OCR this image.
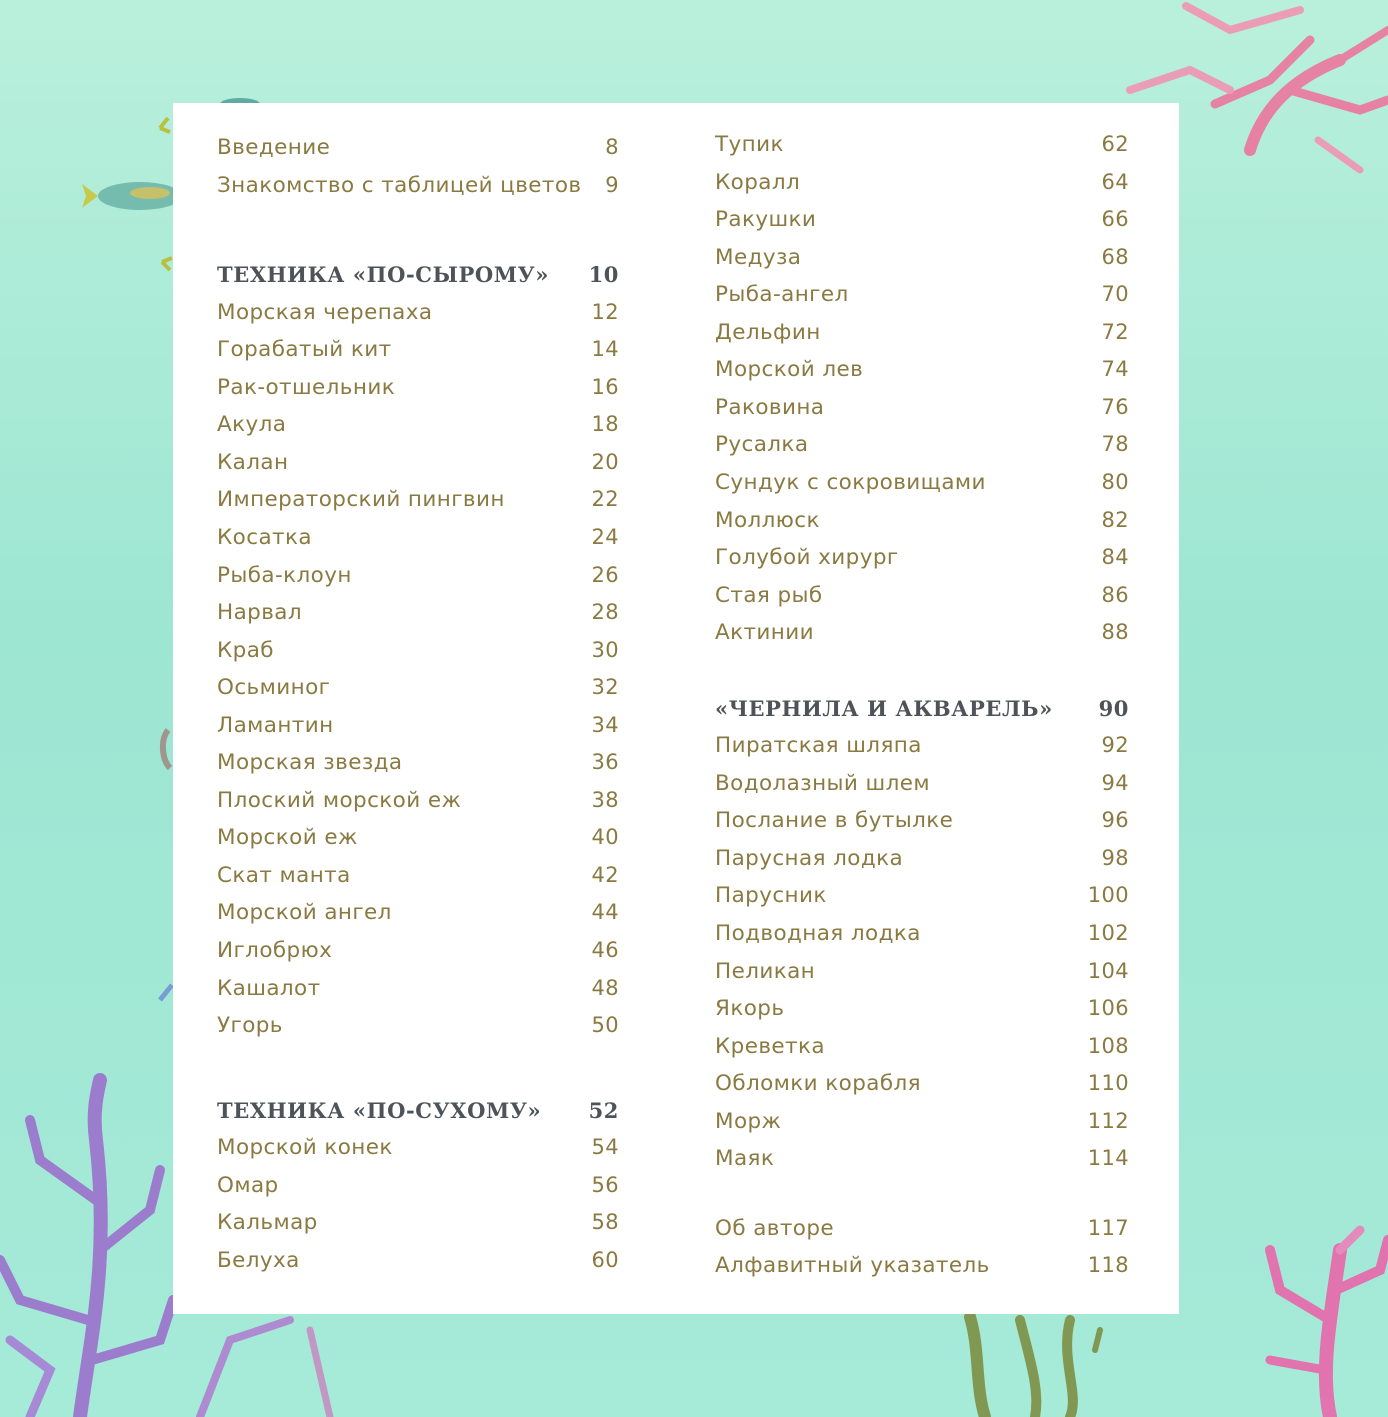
Введение	8
Знакомство с таблицей цветов 9
ТЕХНИКА «ПО-СЫРОМУ» 10
Морская черепаха	12
Горабатый кит	14
Рак-отшельник	16
Акула	18
Калан	20
Императорский пингвин	22
Косатка	24
Рыба-клоун	26
Нарвал	28
Краб	30
Осьминог	32
Ламантин	34
Морская звезда	36
Плоский морской еж	38
Морской еж	40
Скат манта	42
Морской ангел	44
Иглобрюх	46
Кашалот	48
Угорь	50
ТЕХНИКА «ПО-СУХОМУ» 52
Морской конек	54
Омар	56
Кальмар	58
Белуха	60
Тупик	62
Коралл	64
Ракушки	66
Медуза	68
Рыба-ангел	70
Дельфин	72
Морской лев	74
Раковина	76
Русалка	78
Сундук с сокровищами	80
Моллюск	82
Голубой хирург	84
Стая рыб	86
Актинии	88
«ЧЕРНИЛА И АКВАРЕЛЬ» 90
Пиратская шляпа	92
Водолазный шлем	94
Послание в бутылке	96
Парусная лодка	98
Парусник	100
Подводная лодка	102
Пеликан	104
Якорь	106
Креветка	108
Обломки корабля	110
Морж	112
Маяк	114
Об авторе	117
Алфавитный указатель	118
